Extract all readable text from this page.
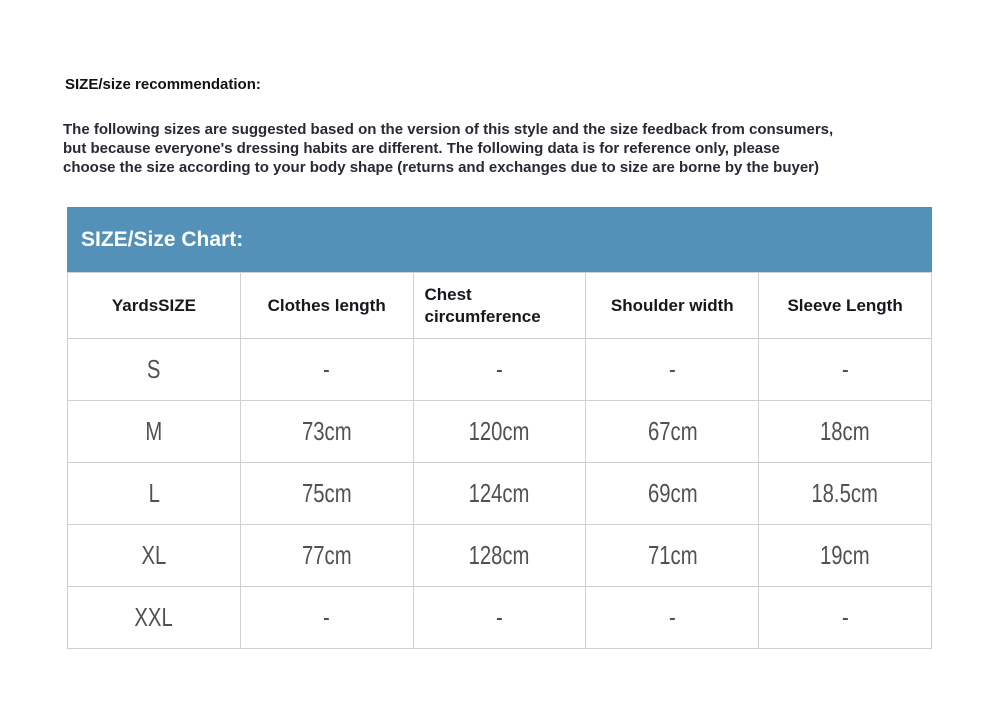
SIZE/size recommendation:
The following sizes are suggested based on the version of this style and the size feedback from consumers,
but because everyone's dressing habits are different. The following data is for reference only, please
choose the size according to your body shape (returns and exchanges due to size are borne by the buyer)
SIZE/Size Chart:
YardsSIZE	Clothes length	Chest circumference	Shoulder width	Sleeve Length
S	-	-	-	-
M	73cm	120cm	67cm	18cm
L	75cm	124cm	69cm	18.5cm
XL	77cm	128cm	71cm	19cm
XXL	-	-	-	-
